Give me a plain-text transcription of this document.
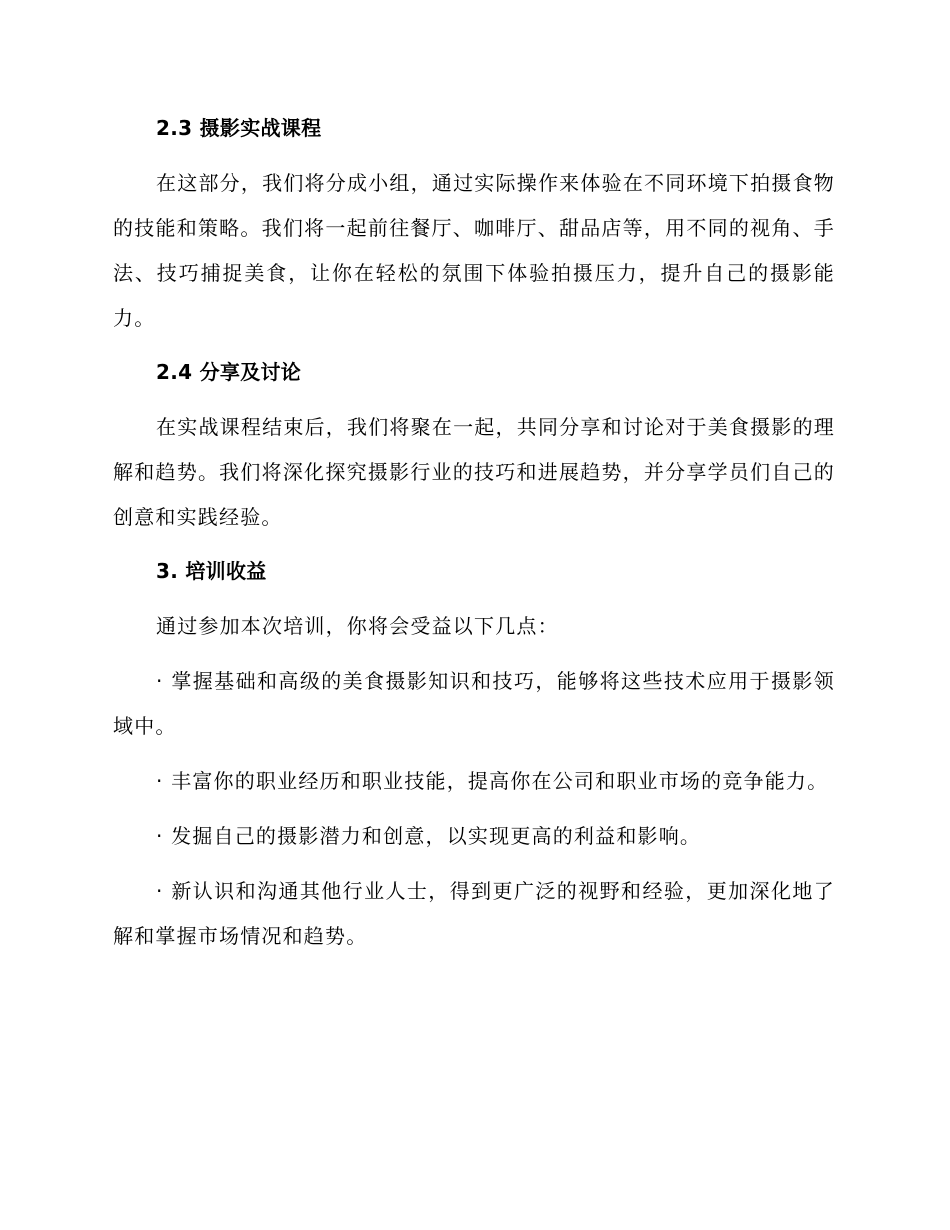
2.3 摄影实战课程

在这部分，我们将分成小组，通过实际操作来体验在不同环境下拍摄食物的技能和策略。我们将一起前往餐厅、咖啡厅、甜品店等，用不同的视角、手法、技巧捕捉美食，让你在轻松的氛围下体验拍摄压力，提升自己的摄影能力。

2.4 分享及讨论

在实战课程结束后，我们将聚在一起，共同分享和讨论对于美食摄影的理解和趋势。我们将深化探究摄影行业的技巧和进展趋势，并分享学员们自己的创意和实践经验。

3. 培训收益

通过参加本次培训，你将会受益以下几点：

· 掌握基础和高级的美食摄影知识和技巧，能够将这些技术应用于摄影领域中。

· 丰富你的职业经历和职业技能，提高你在公司和职业市场的竞争能力。

· 发掘自己的摄影潜力和创意，以实现更高的利益和影响。

· 新认识和沟通其他行业人士，得到更广泛的视野和经验，更加深化地了解和掌握市场情况和趋势。
